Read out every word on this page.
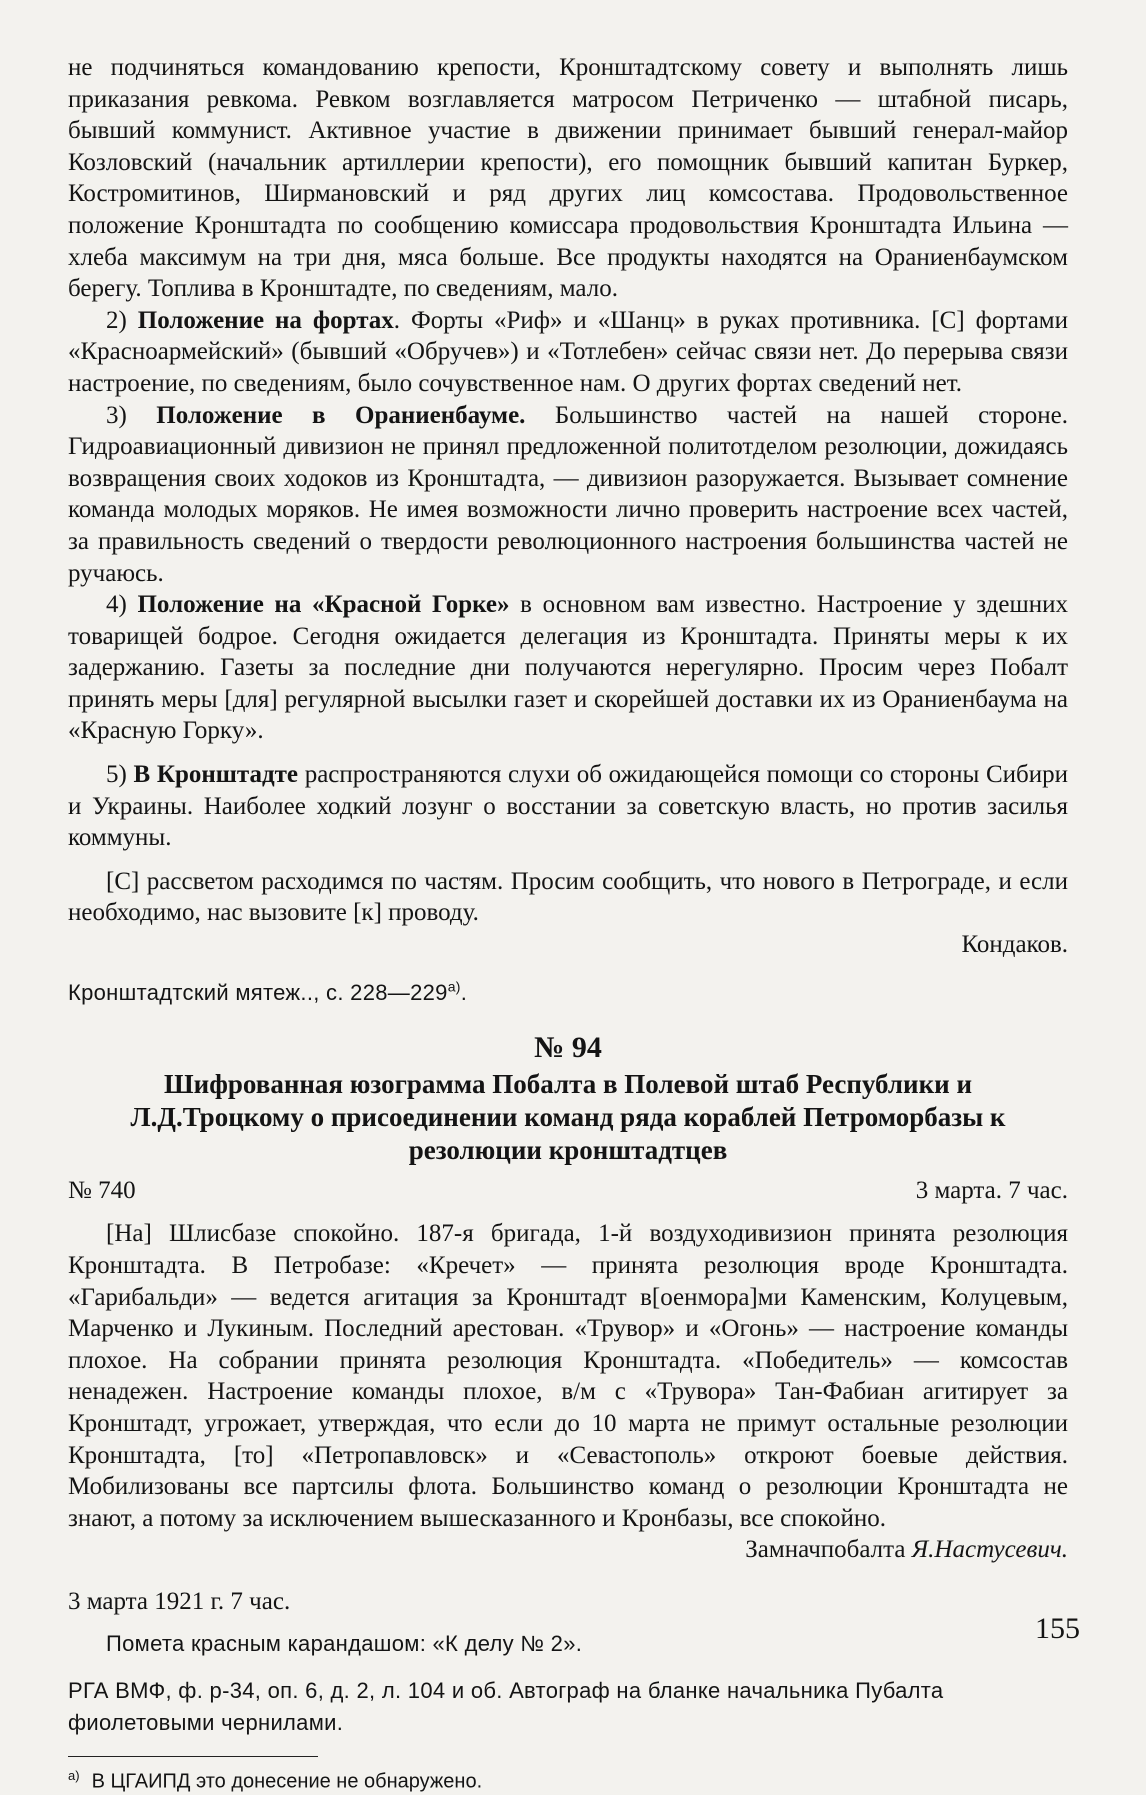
не подчиняться командованию крепости, Кронштадтскому совету и выполнять лишь приказания ревкома. Ревком возглавляется матросом Петриченко — штабной писарь, бывший коммунист. Активное участие в движении принимает бывший генерал-майор Козловский (начальник артиллерии крепости), его помощник бывший капитан Буркер, Костромитинов, Ширмановский и ряд других лиц комсостава. Продовольственное положение Кронштадта по сообщению комиссара продовольствия Кронштадта Ильина — хлеба максимум на три дня, мяса больше. Все продукты находятся на Ораниенбаумском берегу. Топлива в Кронштадте, по сведениям, мало.

2) Положение на фортах. Форты «Риф» и «Шанц» в руках противника. [С] фортами «Красноармейский» (бывший «Обручев») и «Тотлебен» сейчас связи нет. До перерыва связи настроение, по сведениям, было сочувственное нам. О других фортах сведений нет.

3) Положение в Ораниенбауме. Большинство частей на нашей стороне. Гидроавиационный дивизион не принял предложенной политотделом резолюции, дожидаясь возвращения своих ходоков из Кронштадта, — дивизион разоружается. Вызывает сомнение команда молодых моряков. Не имея возможности лично проверить настроение всех частей, за правильность сведений о твердости революционного настроения большинства частей не ручаюсь.

4) Положение на «Красной Горке» в основном вам известно. Настроение у здешних товарищей бодрое. Сегодня ожидается делегация из Кронштадта. Приняты меры к их задержанию. Газеты за последние дни получаются нерегулярно. Просим через Побалт принять меры [для] регулярной высылки газет и скорейшей доставки их из Ораниенбаума на «Красную Горку».

5) В Кронштадте распространяются слухи об ожидающейся помощи со стороны Сибири и Украины. Наиболее ходкий лозунг о восстании за советскую власть, но против засилья коммуны.

[С] рассветом расходимся по частям. Просим сообщить, что нового в Петрограде, и если необходимо, нас вызовите [к] проводу.

Кондаков.

Кронштадтский мятеж.., с. $228—229^{а)}$.

№ 94

Шифрованная юзограмма Побалта в Полевой штаб Республики и Л.Д.Троцкому о присоединении команд ряда кораблей Петроморбазы к резолюции кронштадтцев

№ 740	3 марта. 7 час.

[На] Шлисбазе спокойно. 187-я бригада, 1-й воздуходивизион принята резолюция Кронштадта. В Петробазе: «Кречет» — принята резолюция вроде Кронштадта. «Гарибальди» — ведется агитация за Кронштадт в[оенмора]ми Каменским, Колуцевым, Марченко и Лукиным. Последний арестован. «Трувор» и «Огонь» — настроение команды плохое. На собрании принята резолюция Кронштадта. «Победитель» — комсостав ненадежен. Настроение команды плохое, в/м с «Трувора» Тан-Фабиан агитирует за Кронштадт, угрожает, утверждая, что если до 10 марта не примут остальные резолюции Кронштадта, [то] «Петропавловск» и «Севастополь» откроют боевые действия. Мобилизованы все партсилы флота. Большинство команд о резолюции Кронштадта не знают, а потому за исключением вышесказанного и Кронбазы, все спокойно.

Замначпобалта Я.Настусевич.

3 марта 1921 г. 7 час.

Помета красным карандашом: «К делу № 2».

РГА ВМФ, ф. р-34, оп. 6, д. 2, л. 104 и об. Автограф на бланке начальника Пубалта фиолетовыми чернилами.

$^{а)}$ В ЦГАИПД это донесение не обнаружено.

155
